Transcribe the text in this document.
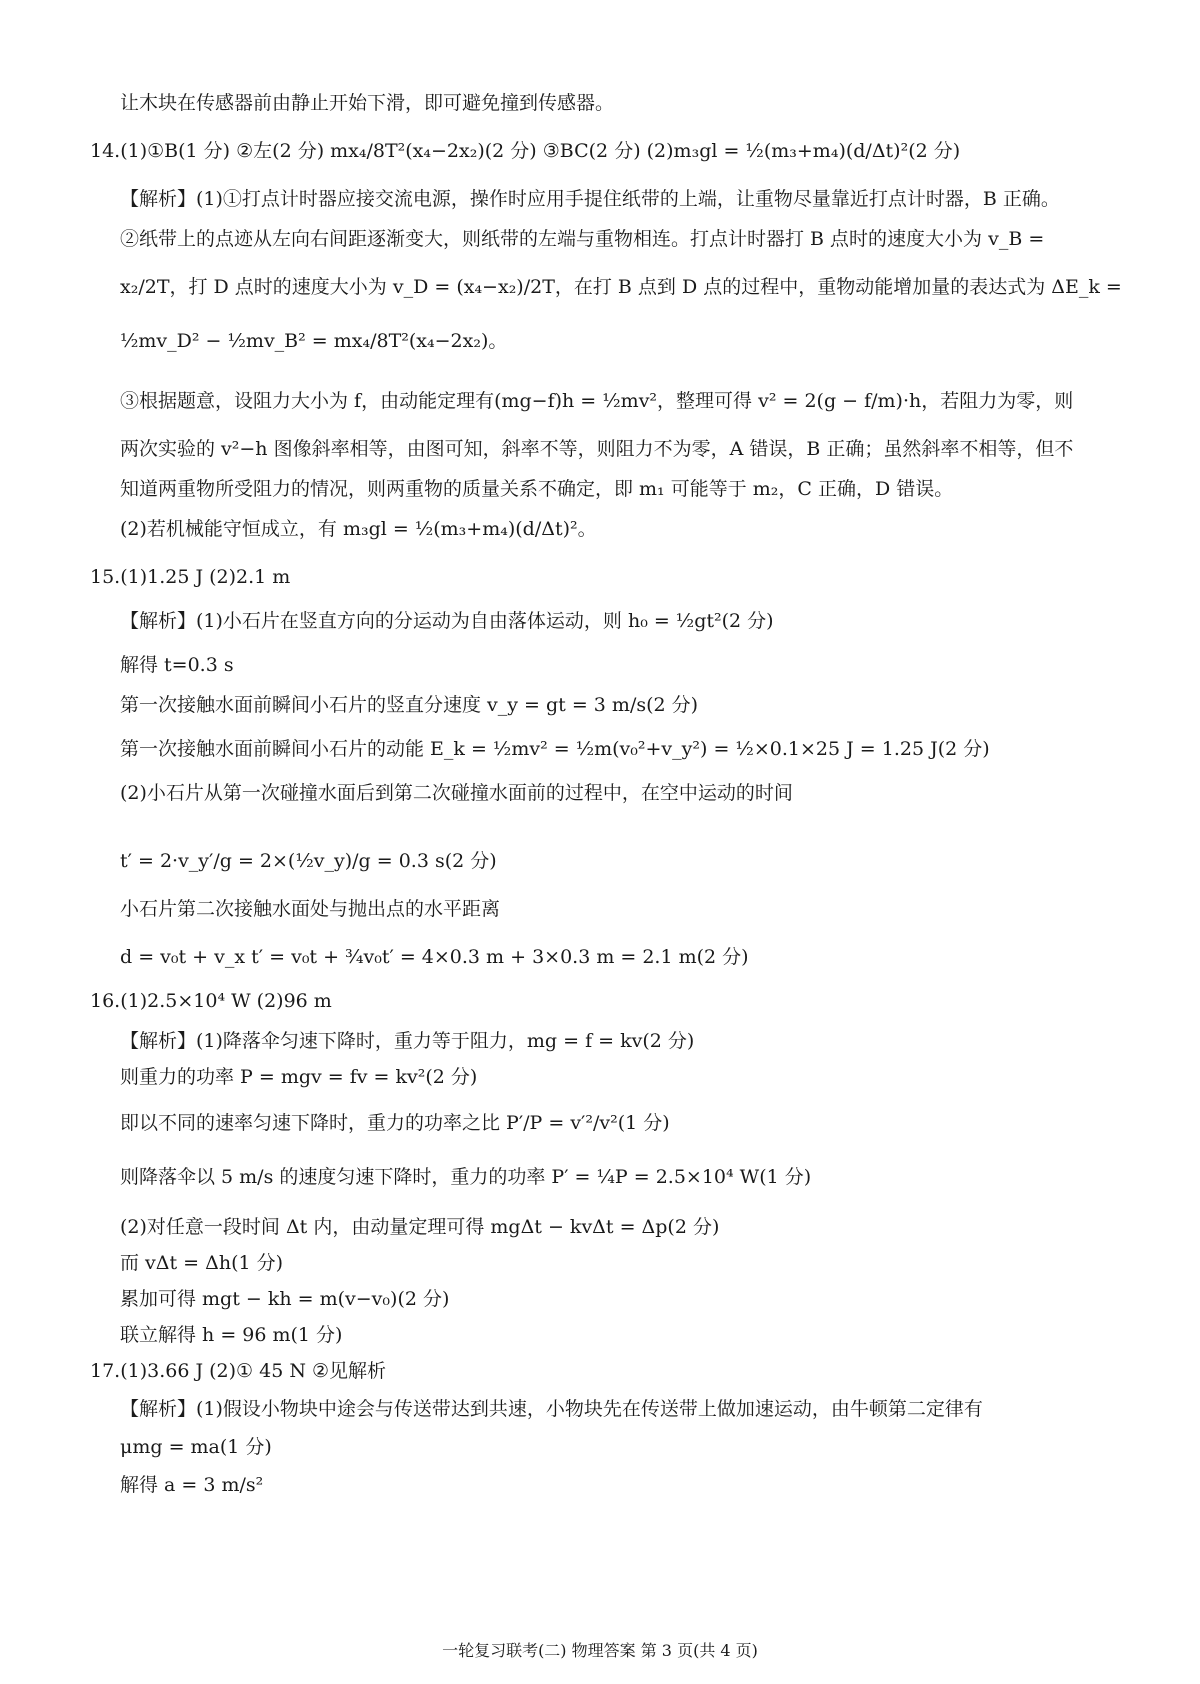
让木块在传感器前由静止开始下滑，即可避免撞到传感器。
14.(1)①B(1 分) ②左(2 分) mx₄/8T²(x₄−2x₂)(2 分) ③BC(2 分) (2)m₃gl = ½(m₃+m₄)(d/Δt)²(2 分)
【解析】(1)①打点计时器应接交流电源，操作时应用手提住纸带的上端，让重物尽量靠近打点计时器，B 正确。
②纸带上的点迹从左向右间距逐渐变大，则纸带的左端与重物相连。打点计时器打 B 点时的速度大小为 v_B =
x₂/2T，打 D 点时的速度大小为 v_D = (x₄−x₂)/2T，在打 B 点到 D 点的过程中，重物动能增加量的表达式为 ΔE_k =
½mv_D² − ½mv_B² = mx₄/8T²(x₄−2x₂)。
③根据题意，设阻力大小为 f，由动能定理有(mg−f)h = ½mv²，整理可得 v² = 2(g − f/m)·h，若阻力为零，则
两次实验的 v²−h 图像斜率相等，由图可知，斜率不等，则阻力不为零，A 错误，B 正确；虽然斜率不相等，但不
知道两重物所受阻力的情况，则两重物的质量关系不确定，即 m₁ 可能等于 m₂，C 正确，D 错误。
(2)若机械能守恒成立，有 m₃gl = ½(m₃+m₄)(d/Δt)²。
15.(1)1.25 J (2)2.1 m
【解析】(1)小石片在竖直方向的分运动为自由落体运动，则 h₀ = ½gt²(2 分)
解得 t=0.3 s
第一次接触水面前瞬间小石片的竖直分速度 v_y = gt = 3 m/s(2 分)
第一次接触水面前瞬间小石片的动能 E_k = ½mv² = ½m(v₀²+v_y²) = ½×0.1×25 J = 1.25 J(2 分)
(2)小石片从第一次碰撞水面后到第二次碰撞水面前的过程中，在空中运动的时间
t′ = 2·v_y′/g = 2×(½v_y)/g = 0.3 s(2 分)
小石片第二次接触水面处与抛出点的水平距离
d = v₀t + v_x t′ = v₀t + ¾v₀t′ = 4×0.3 m + 3×0.3 m = 2.1 m(2 分)
16.(1)2.5×10⁴ W (2)96 m
【解析】(1)降落伞匀速下降时，重力等于阻力，mg = f = kv(2 分)
则重力的功率 P = mgv = fv = kv²(2 分)
即以不同的速率匀速下降时，重力的功率之比 P′/P = v′²/v²(1 分)
则降落伞以 5 m/s 的速度匀速下降时，重力的功率 P′ = ¼P = 2.5×10⁴ W(1 分)
(2)对任意一段时间 Δt 内，由动量定理可得 mgΔt − kvΔt = Δp(2 分)
而 vΔt = Δh(1 分)
累加可得 mgt − kh = m(v−v₀)(2 分)
联立解得 h = 96 m(1 分)
17.(1)3.66 J (2)① 45 N ②见解析
【解析】(1)假设小物块中途会与传送带达到共速，小物块先在传送带上做加速运动，由牛顿第二定律有
μmg = ma(1 分)
解得 a = 3 m/s²
一轮复习联考(二) 物理答案 第 3 页(共 4 页)
